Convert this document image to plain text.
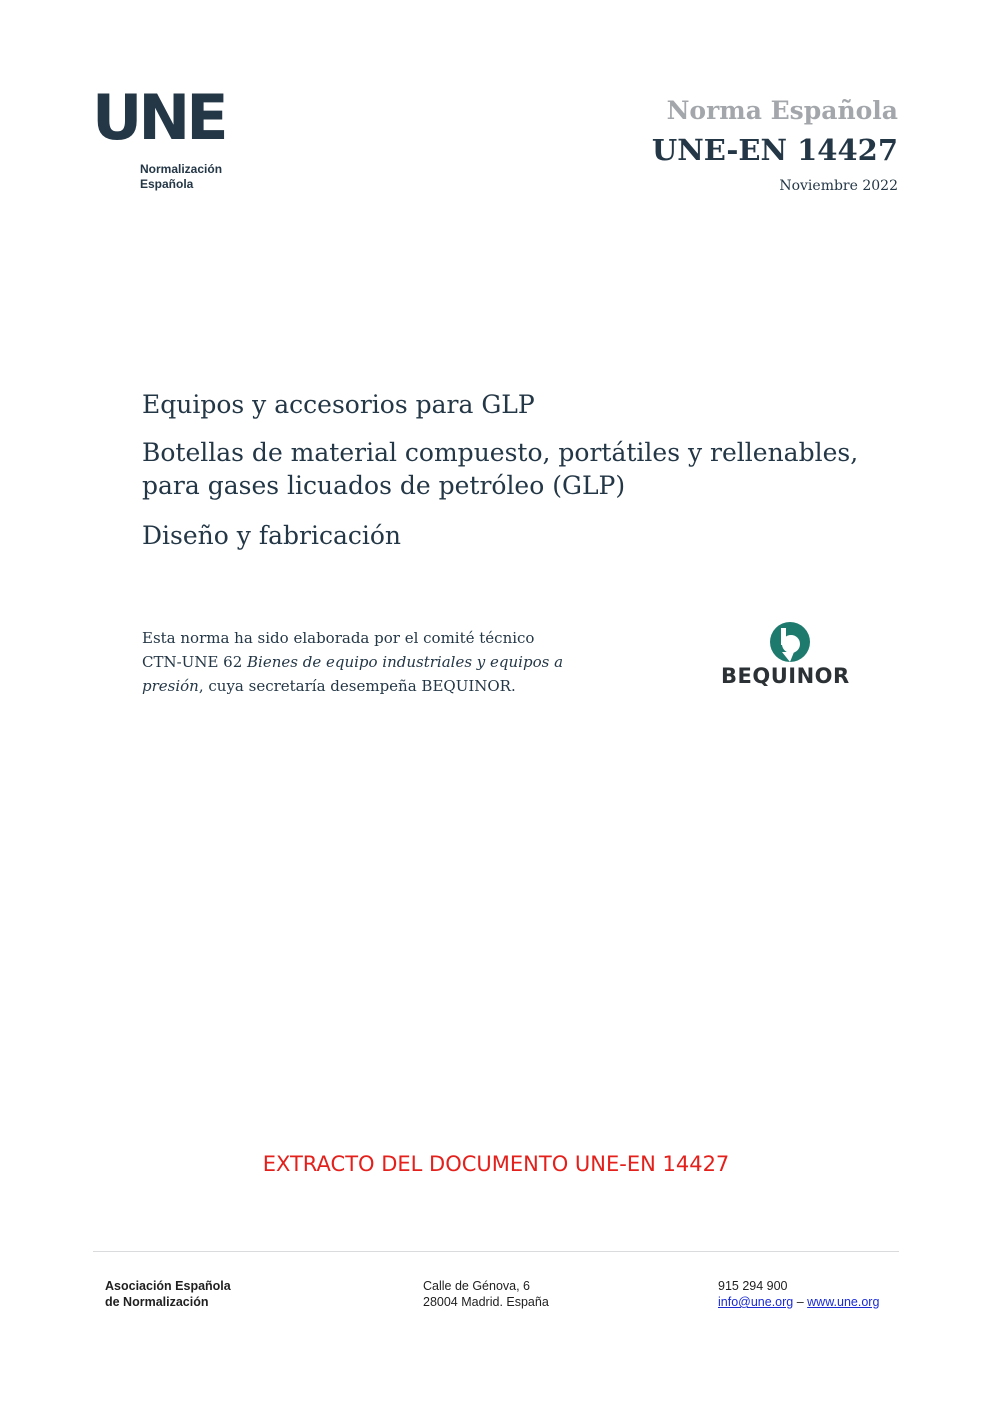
UNE
Normalización
Española
Norma Española
UNE-EN 14427
Noviembre 2022
Equipos y accesorios para GLP
Botellas de material compuesto, portátiles y rellenables,
para gases licuados de petróleo (GLP)
Diseño y fabricación
Esta norma ha sido elaborada por el comité técnico
CTN-UNE 62 Bienes de equipo industriales y equipos a
presión, cuya secretaría desempeña BEQUINOR.	BEQUINOR
EXTRACTO DEL DOCUMENTO UNE-EN 14427
Asociación Española
de Normalización
Calle de Génova, 6
28004 Madrid. España
915 294 900
info@une.org – www.une.org
